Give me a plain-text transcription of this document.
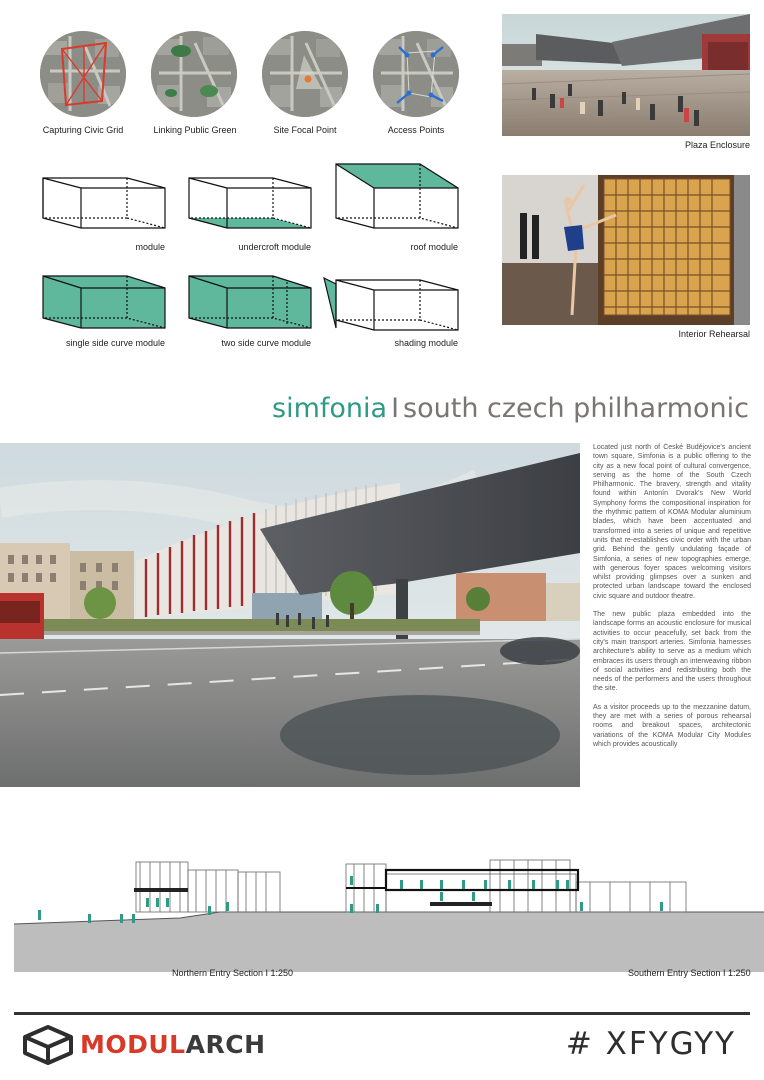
Capturing Civic Grid	Linking Public Green	Site Focal Point	Access Points
module	undercroft module	roof module
single side curve module	two side curve module	shading module
Plaza Enclosure
Interior Rehearsal
simfonia I south czech philharmonic

Located just north of České Budějovice's ancient town square, Simfonia is a public offering to the city as a new focal point of cultural convergence, serving as the home of the South Czech Philharmonic. The bravery, strength and vitality found within Antonín Dvorak's New World Symphony forms the compositional inspiration for the rhythmic pattern of KOMA Modular aluminium blades, which have been accentuated and transformed into a series of unique and repetitive units that re-establishes civic order with the urban grid. Behind the gently undulating façade of Simfonia, a series of new topographies emerge, with generous foyer spaces welcoming visitors whilst providing glimpses over a sunken and protected urban landscape toward the enclosed civic square and outdoor theatre.

The new public plaza embedded into the landscape forms an acoustic enclosure for musical activities to occur peacefully, set back from the city's main transport arteries. Simfonia harnesses architecture's ability to serve as a medium which embraces its users through an interweaving ribbon of social activities and redistributing both the needs of the performers and the users throughout the site.

As a visitor proceeds up to the mezzanine datum, they are met with a series of porous rehearsal rooms and breakout spaces, architectonic variations of the KOMA Modular City Modules which provides acoustically

Northern Entry Section I 1:250	Southern Entry Section I 1:250
MODULARCH	# XFYGYY
